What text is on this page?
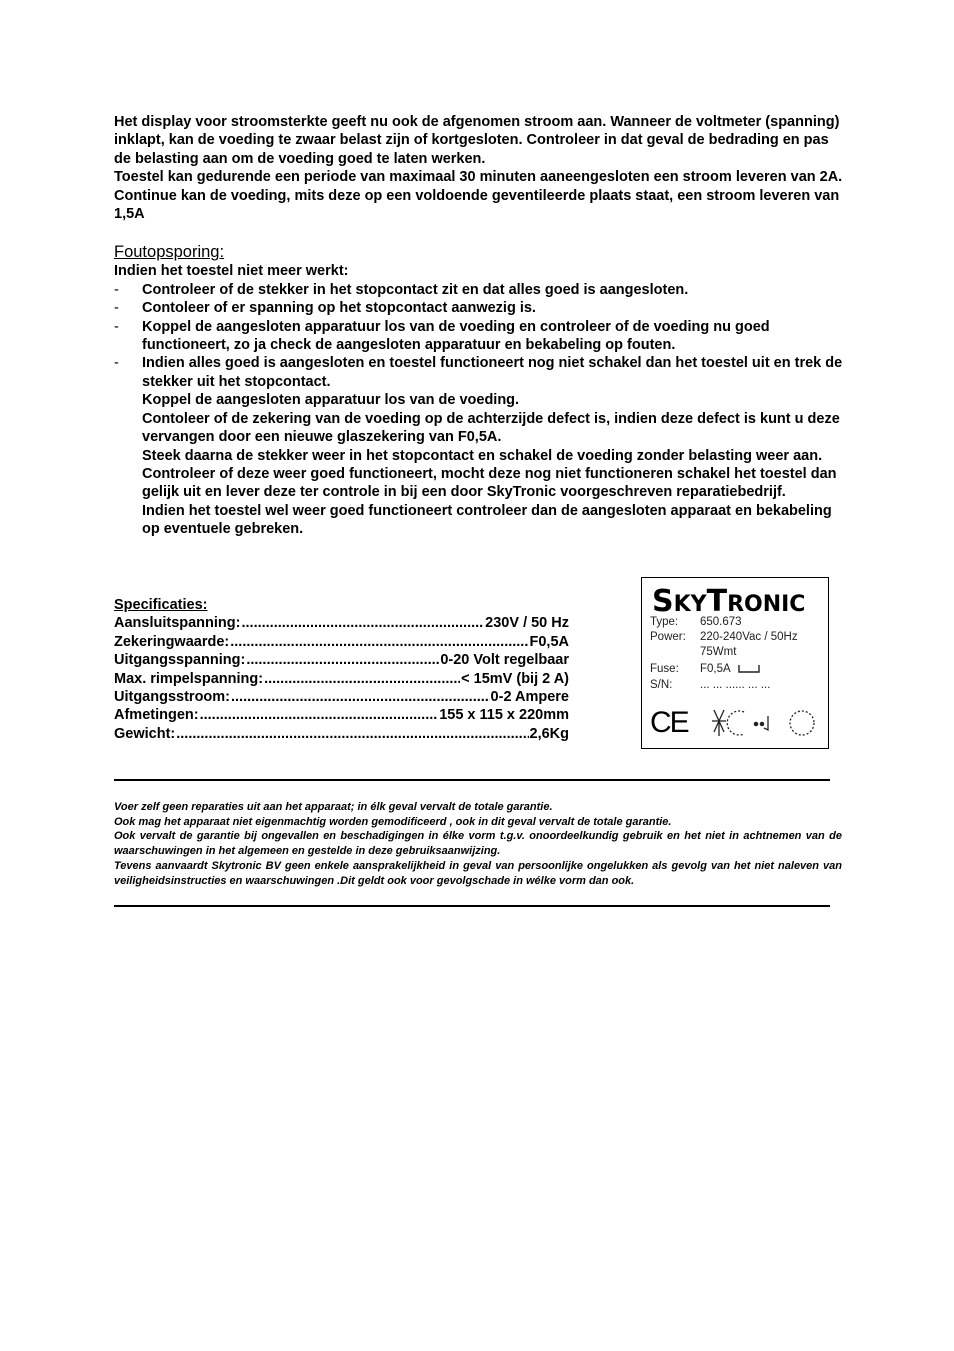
Het display voor stroomsterkte geeft nu ook de afgenomen stroom aan. Wanneer de voltmeter (spanning) inklapt, kan de voeding te zwaar belast zijn of kortgesloten. Controleer in dat geval de bedrading en pas de belasting aan om de voeding goed te laten werken.

Toestel kan gedurende een periode van maximaal 30 minuten aaneengesloten een stroom leveren van 2A. Continue kan de voeding, mits deze op een voldoende geventileerde plaats staat, een stroom leveren van 1,5A

Foutopsporing:

Indien het toestel niet meer werkt:

- Controleer of de stekker in het stopcontact zit en dat alles goed is aangesloten.

- Contoleer of er spanning op het stopcontact aanwezig is.

- Koppel de aangesloten apparatuur los van de voeding en controleer of de voeding nu goed functioneert, zo ja check de aangesloten apparatuur en bekabeling op fouten.

- Indien alles goed is aangesloten en toestel functioneert nog niet schakel dan het toestel uit en trek de stekker uit het stopcontact.

Koppel de aangesloten apparatuur los van de voeding.

Contoleer of de zekering van de voeding op de achterzijde defect is, indien deze defect is kunt u deze vervangen door een nieuwe glaszekering van F0,5A.

Steek daarna de stekker weer in het stopcontact en schakel de voeding zonder belasting weer aan. Controleer of deze weer goed functioneert, mocht deze nog niet functioneren schakel het toestel dan gelijk uit en lever deze ter controle in bij een door SkyTronic voorgeschreven reparatiebedrijf.

Indien het toestel wel weer goed functioneert controleer dan de aangesloten apparaat en bekabeling op eventuele gebreken.

Specificaties:

Aansluitspanning: .....	230V / 50 Hz
Zekeringwaarde: .....	F0,5A
Uitgangsspanning: .....	0-20 Volt regelbaar
Max. rimpelspanning: .....	< 15mV (bij 2 A)
Uitgangsstroom: .....	0-2 Ampere
Afmetingen: .....	155 x 115 x 220mm
Gewicht: .....	2,6Kg
SKYTRONIC
Type: 650.673
Power: 220-240Vac / 50Hz
75Wmt
Fuse: F0,5A
S/N: ... ... ...... ... ...
CE

Voer zelf geen reparaties uit aan het apparaat; in élk geval vervalt de totale garantie.

Ook mag het apparaat niet eigenmachtig worden gemodificeerd , ook in dit geval vervalt de totale garantie.

Ook vervalt de garantie bij ongevallen en beschadigingen in élke vorm t.g.v. onoordeelkundig gebruik en het niet in achtnemen van de waarschuwingen in het algemeen en gestelde in deze gebruiksaanwijzing.

Tevens aanvaardt Skytronic BV geen enkele aansprakelijkheid in geval van persoonlijke ongelukken als gevolg van het niet naleven van veiligheidsinstructies en waarschuwingen .Dit geldt ook voor gevolgschade in wélke vorm dan ook.
